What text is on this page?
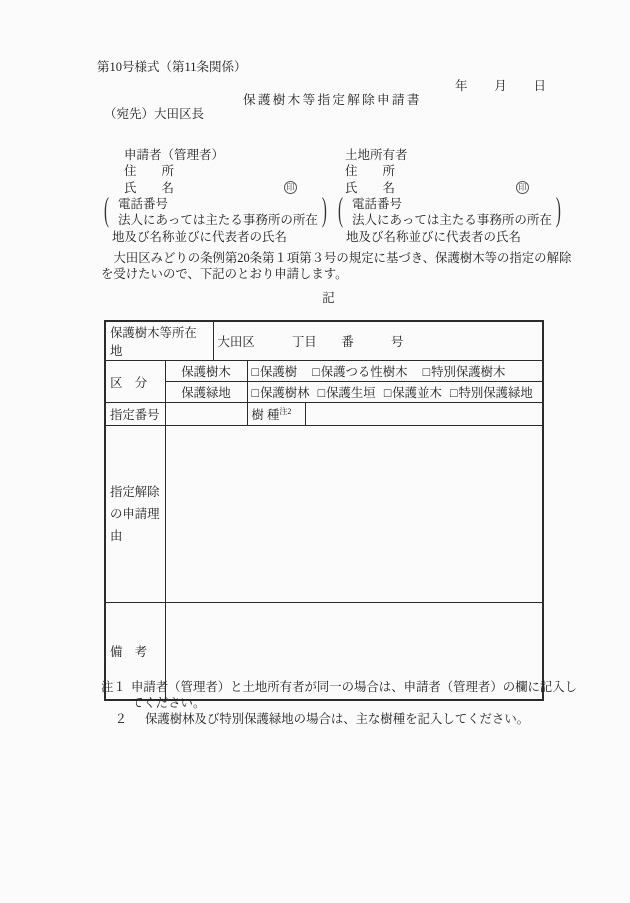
第10号様式（第11条関係）
年 月 日
保護樹木等指定解除申請書
（宛先）大田区長
申請者（管理者）
住　　所
氏　　名	印
( 電話番号
法人にあっては主たる事務所の所在 )
地及び名称並びに代表者の氏名
土地所有者
住　　所
氏　　名	印
( 電話番号
法人にあっては主たる事務所の所在 )
地及び名称並びに代表者の氏名
大田区みどりの条例第20条第１項第３号の規定に基づき、保護樹木等の指定の解除を受けたいので、下記のとおり申請します。
記
保護樹木等所在地		大田区　　　丁目　　番　　　号		
区　分	保護樹木		□保護樹 □保護つる性樹木 □特別保護樹木	
	保護緑地		□保護樹林 □保護生垣 □保護並木 □特別保護緑地	
指定番号			樹 種$^{注2}$	
指定解除の申請理由				
備　考				
注１ 申請者（管理者）と土地所有者が同一の場合は、申請者（管理者）の欄に記入してください。
２	保護樹林及び特別保護緑地の場合は、主な樹種を記入してください。
